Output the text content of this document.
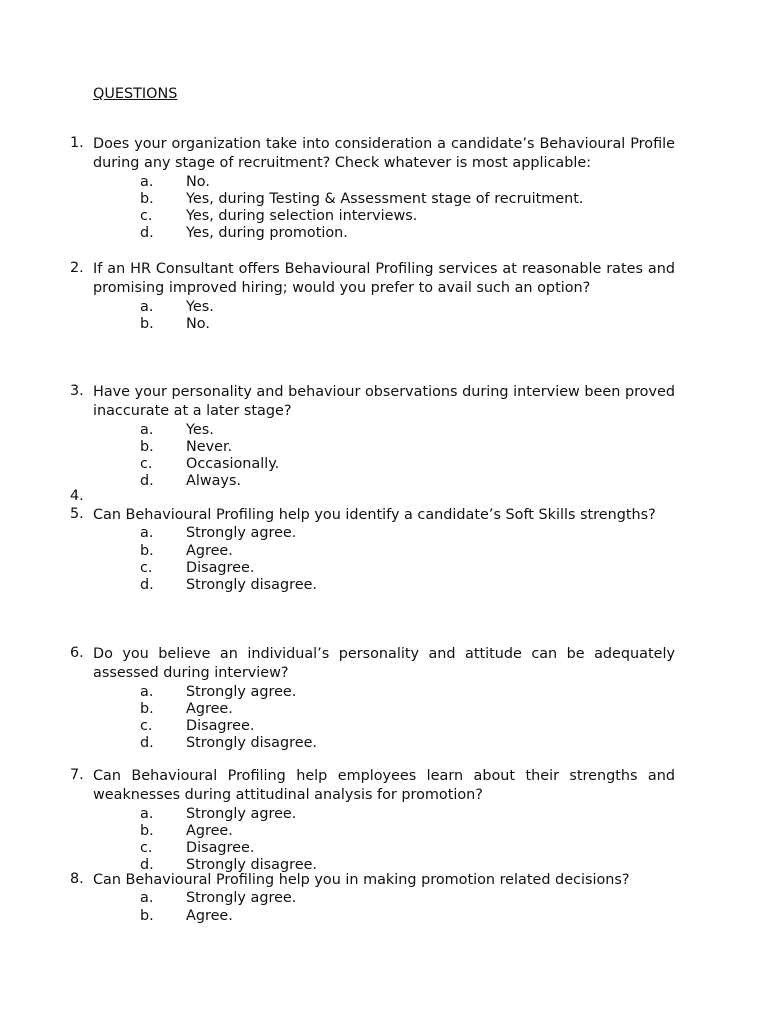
QUESTIONS
1. Does your organization take into consideration a candidate’s Behavioural Profile during any stage of recruitment? Check whatever is most applicable:
a. No.
b. Yes, during Testing & Assessment stage of recruitment.
c. Yes, during selection interviews.
d. Yes, during promotion.
2. If an HR Consultant offers Behavioural Profiling services at reasonable rates and promising improved hiring; would you prefer to avail such an option?
a. Yes.
b. No.
3. Have your personality and behaviour observations during interview been proved inaccurate at a later stage?
a. Yes.
b. Never.
c. Occasionally.
d. Always.
4.
5. Can Behavioural Profiling help you identify a candidate’s Soft Skills strengths?
a. Strongly agree.
b. Agree.
c. Disagree.
d. Strongly disagree.
6. Do you believe an individual’s personality and attitude can be adequately assessed during interview?
a. Strongly agree.
b. Agree.
c. Disagree.
d. Strongly disagree.
7. Can Behavioural Profiling help employees learn about their strengths and weaknesses during attitudinal analysis for promotion?
a. Strongly agree.
b. Agree.
c. Disagree.
d. Strongly disagree.
8. Can Behavioural Profiling help you in making promotion related decisions?
a. Strongly agree.
b. Agree.
